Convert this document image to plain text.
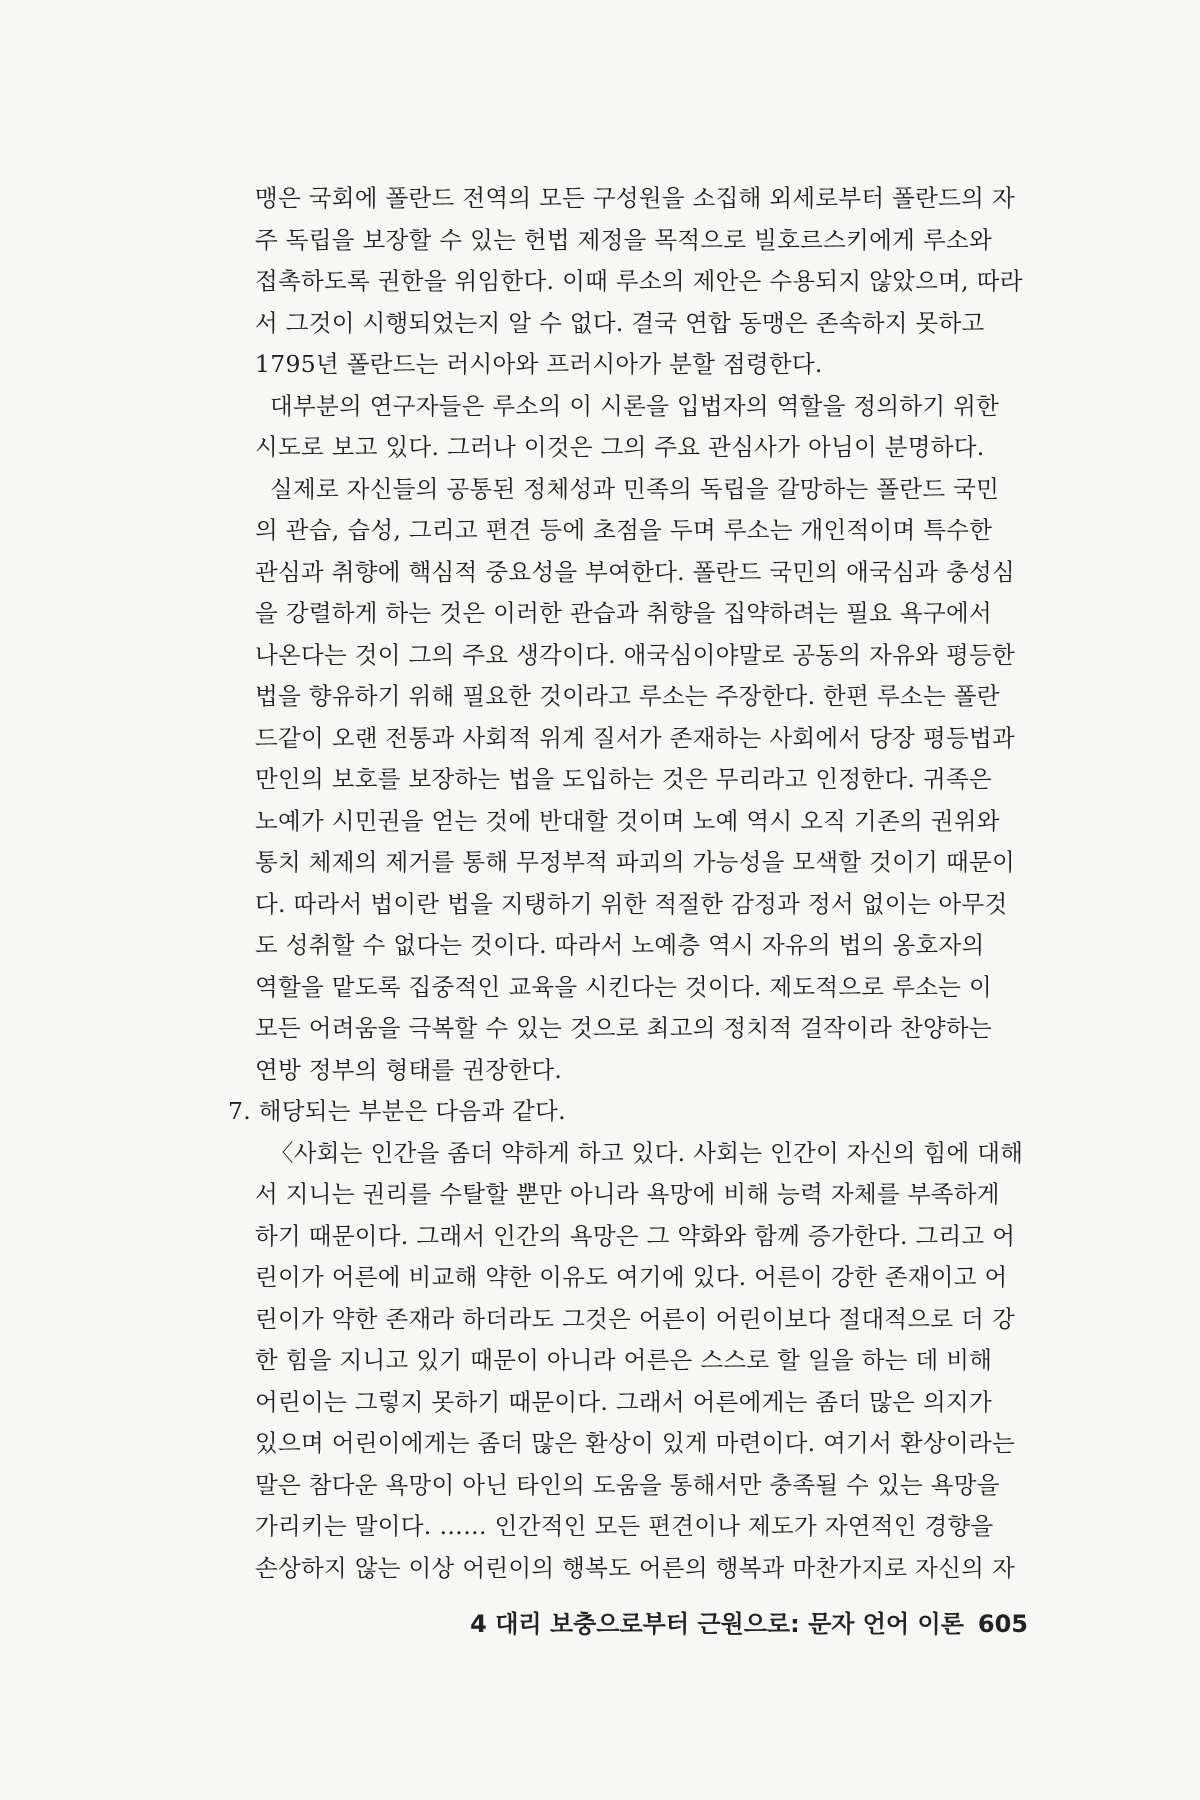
맹은 국회에 폴란드 전역의 모든 구성원을 소집해 외세로부터 폴란드의 자
주 독립을 보장할 수 있는 헌법 제정을 목적으로 빌호르스키에게 루소와
접촉하도록 권한을 위임한다. 이때 루소의 제안은 수용되지 않았으며, 따라
서 그것이 시행되었는지 알 수 없다. 결국 연합 동맹은 존속하지 못하고
1795년 폴란드는 러시아와 프러시아가 분할 점령한다.
대부분의 연구자들은 루소의 이 시론을 입법자의 역할을 정의하기 위한
시도로 보고 있다. 그러나 이것은 그의 주요 관심사가 아님이 분명하다.
실제로 자신들의 공통된 정체성과 민족의 독립을 갈망하는 폴란드 국민
의 관습, 습성, 그리고 편견 등에 초점을 두며 루소는 개인적이며 특수한
관심과 취향에 핵심적 중요성을 부여한다. 폴란드 국민의 애국심과 충성심
을 강렬하게 하는 것은 이러한 관습과 취향을 집약하려는 필요 욕구에서
나온다는 것이 그의 주요 생각이다. 애국심이야말로 공동의 자유와 평등한
법을 향유하기 위해 필요한 것이라고 루소는 주장한다. 한편 루소는 폴란
드같이 오랜 전통과 사회적 위계 질서가 존재하는 사회에서 당장 평등법과
만인의 보호를 보장하는 법을 도입하는 것은 무리라고 인정한다. 귀족은
노예가 시민권을 얻는 것에 반대할 것이며 노예 역시 오직 기존의 권위와
통치 체제의 제거를 통해 무정부적 파괴의 가능성을 모색할 것이기 때문이
다. 따라서 법이란 법을 지탱하기 위한 적절한 감정과 정서 없이는 아무것
도 성취할 수 없다는 것이다. 따라서 노예층 역시 자유의 법의 옹호자의
역할을 맡도록 집중적인 교육을 시킨다는 것이다. 제도적으로 루소는 이
모든 어려움을 극복할 수 있는 것으로 최고의 정치적 걸작이라 찬양하는
연방 정부의 형태를 권장한다.
7. 해당되는 부분은 다음과 같다.
〈사회는 인간을 좀더 약하게 하고 있다. 사회는 인간이 자신의 힘에 대해
서 지니는 권리를 수탈할 뿐만 아니라 욕망에 비해 능력 자체를 부족하게
하기 때문이다. 그래서 인간의 욕망은 그 약화와 함께 증가한다. 그리고 어
린이가 어른에 비교해 약한 이유도 여기에 있다. 어른이 강한 존재이고 어
린이가 약한 존재라 하더라도 그것은 어른이 어린이보다 절대적으로 더 강
한 힘을 지니고 있기 때문이 아니라 어른은 스스로 할 일을 하는 데 비해
어린이는 그렇지 못하기 때문이다. 그래서 어른에게는 좀더 많은 의지가
있으며 어린이에게는 좀더 많은 환상이 있게 마련이다. 여기서 환상이라는
말은 참다운 욕망이 아닌 타인의 도움을 통해서만 충족될 수 있는 욕망을
가리키는 말이다. …… 인간적인 모든 편견이나 제도가 자연적인 경향을
손상하지 않는 이상 어린이의 행복도 어른의 행복과 마찬가지로 자신의 자
4 대리 보충으로부터 근원으로: 문자 언어 이론 605
